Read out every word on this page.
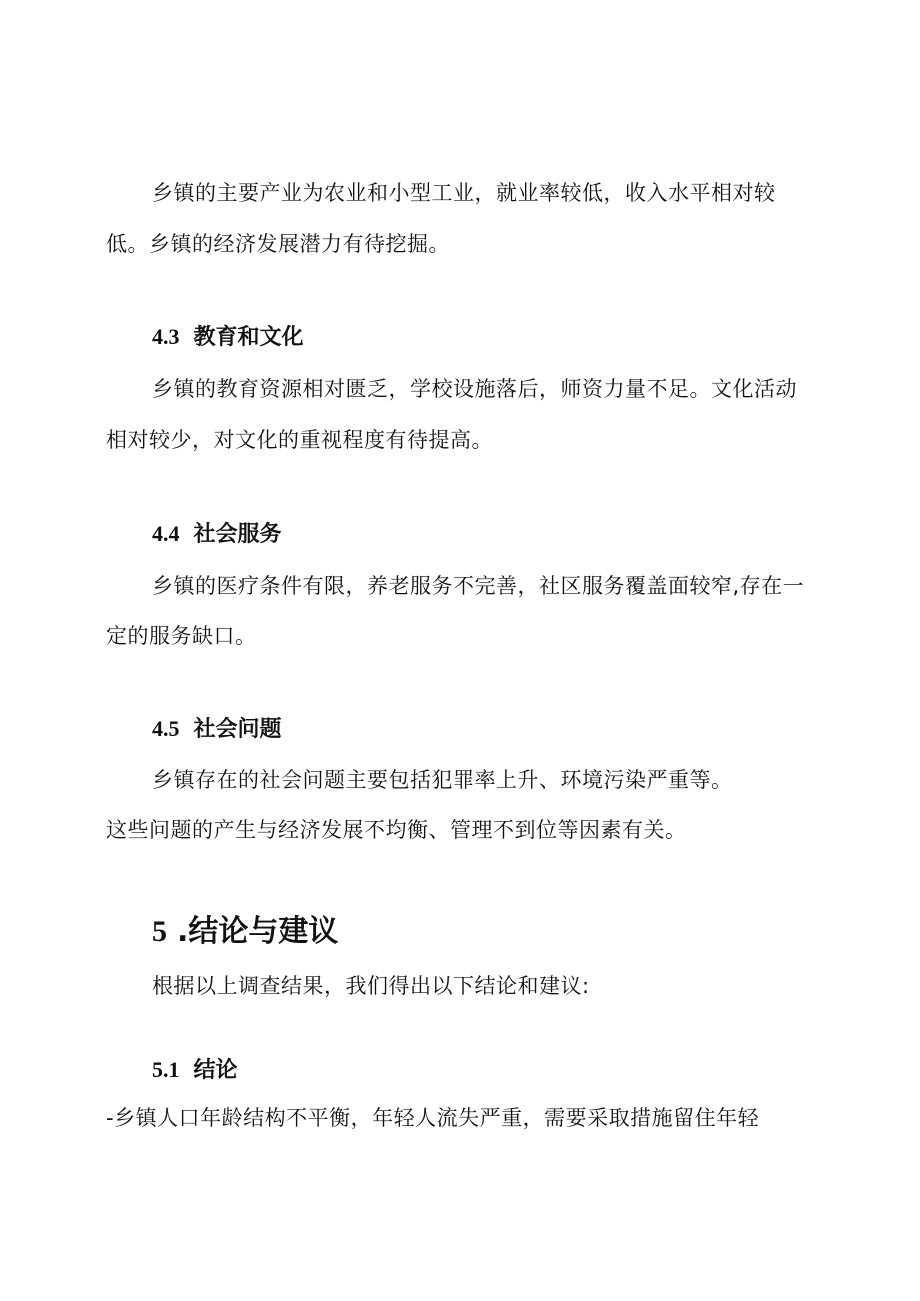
乡镇的主要产业为农业和小型工业，就业率较低，收入水平相对较
低。乡镇的经济发展潜力有待挖掘。
4.3 教育和文化
乡镇的教育资源相对匮乏，学校设施落后，师资力量不足。文化活动
相对较少，对文化的重视程度有待提高。
4.4 社会服务
乡镇的医疗条件有限，养老服务不完善，社区服务覆盖面较窄,存在一
定的服务缺口。
4.5 社会问题
乡镇存在的社会问题主要包括犯罪率上升、环境污染严重等。
这些问题的产生与经济发展不均衡、管理不到位等因素有关。
5 .结论与建议
根据以上调查结果，我们得出以下结论和建议:
5.1 结论
-乡镇人口年龄结构不平衡，年轻人流失严重，需要采取措施留住年轻
